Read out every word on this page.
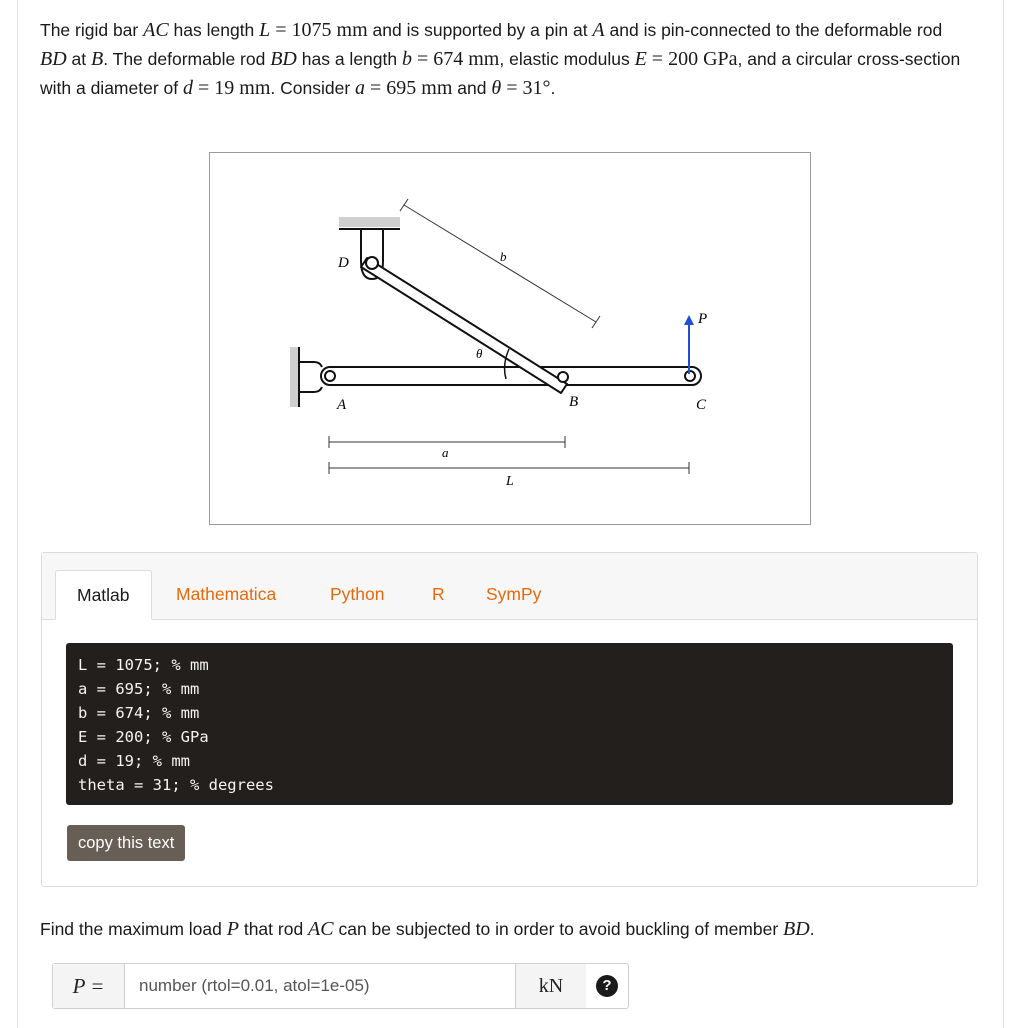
The rigid bar AC has length L = 1075 mm and is supported by a pin at A and is pin-connected to the deformable rod BD at B. The deformable rod BD has a length b = 674 mm, elastic modulus E = 200 GPa, and a circular cross-section with a diameter of d = 19 mm. Consider a = 695 mm and θ = 31°.
D
A	B	C
P
b
θ
a
L
Matlab	Mathematica	Python	R	SymPy
L = 1075; % mm
a = 695; % mm
b = 674; % mm
E = 200; % GPa
d = 19; % mm
theta = 31; % degrees
copy this text
Find the maximum load P that rod AC can be subjected to in order to avoid buckling of member BD.
P =
number (rtol=0.01, atol=1e-05)	kN	?
